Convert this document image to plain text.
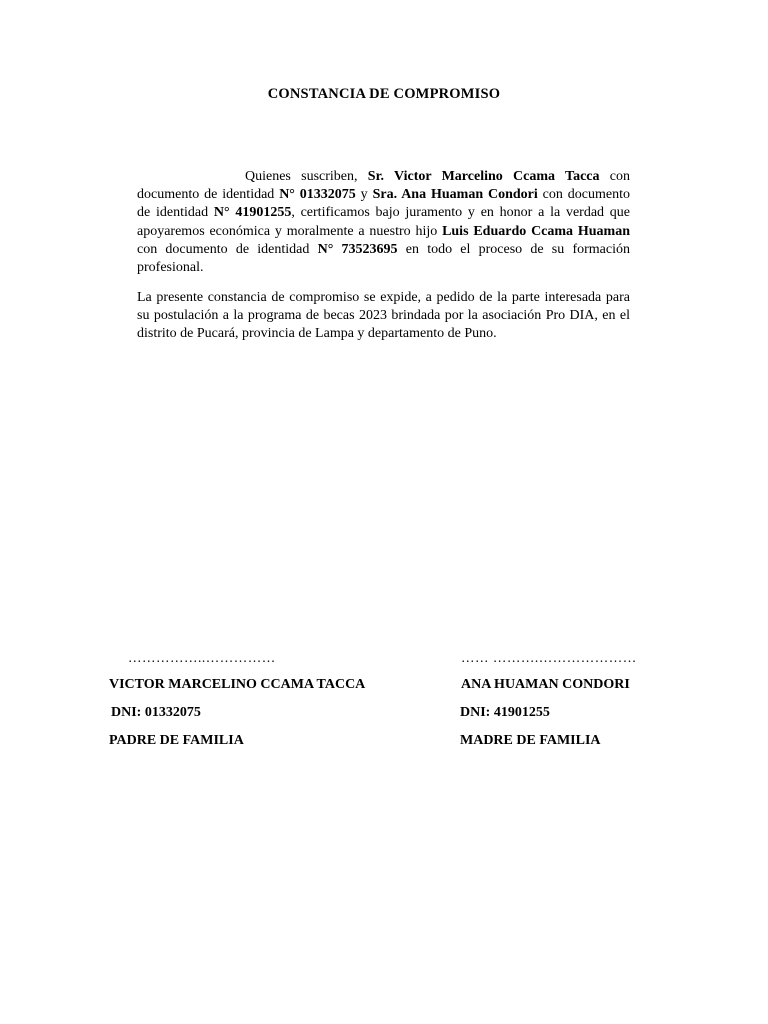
CONSTANCIA DE COMPROMISO
Quienes suscriben, Sr. Victor Marcelino Ccama Tacca con documento de identidad N° 01332075 y Sra. Ana Huaman Condori con documento de identidad N° 41901255, certificamos bajo juramento y en honor a la verdad que apoyaremos económica y moralmente a nuestro hijo Luis Eduardo Ccama Huaman con documento de identidad N° 73523695 en todo el proceso de su formación profesional.
La presente constancia de compromiso se expide, a pedido de la parte interesada para su postulación a la programa de becas 2023 brindada por la asociación Pro DIA, en el distrito de Pucará, provincia de Lampa y departamento de Puno.
……………..……………	…… ……….…………………
VICTOR MARCELINO CCAMA TACCA	ANA HUAMAN CONDORI
DNI: 01332075	DNI: 41901255
PADRE DE FAMILIA	MADRE DE FAMILIA
